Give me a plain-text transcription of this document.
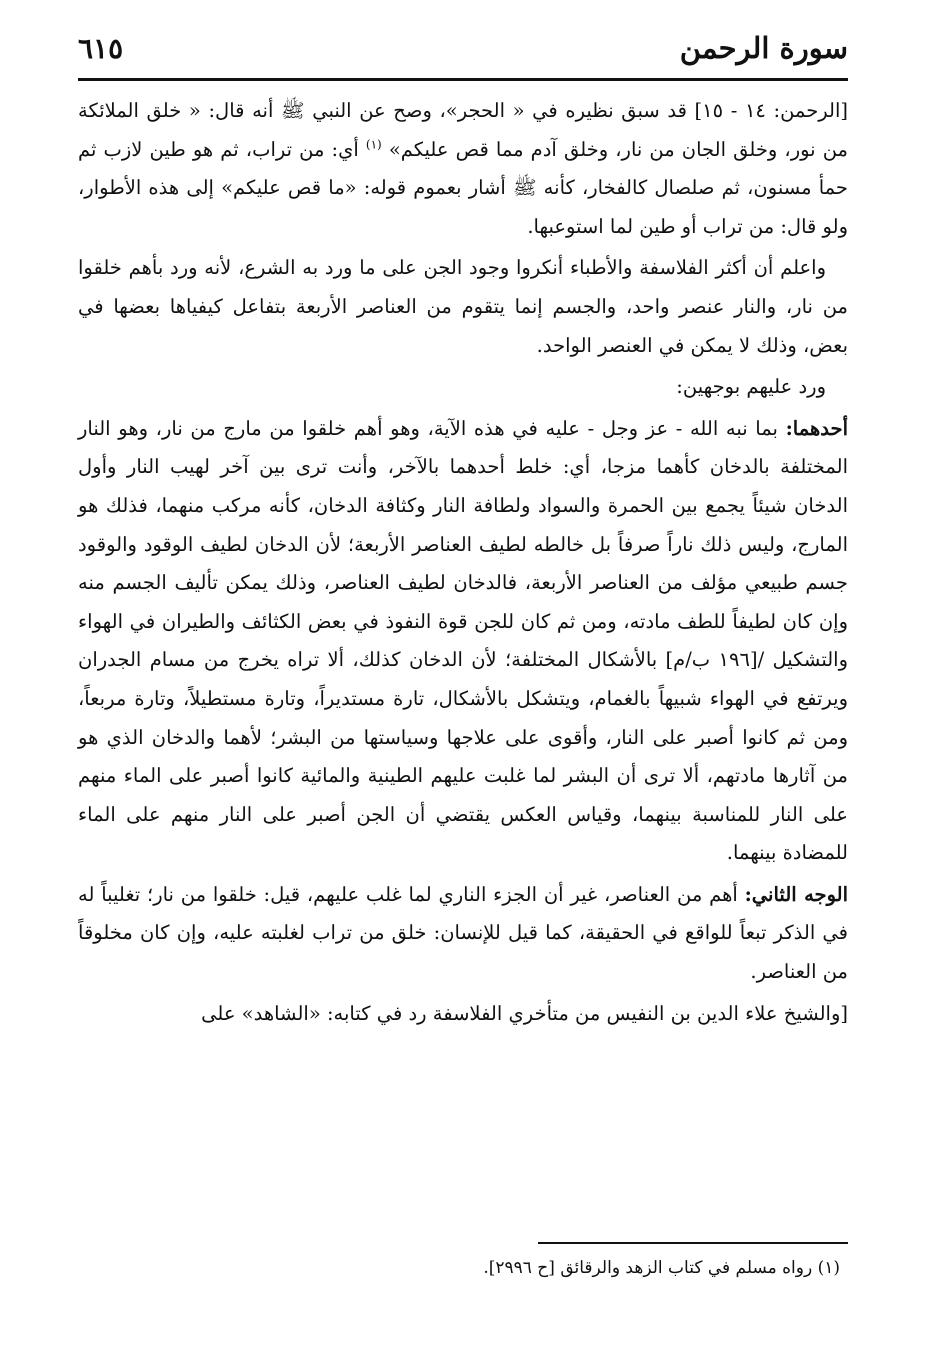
سورة الرحمن
٦١٥

[الرحمن: ١٤ - ١٥] قد سبق نظيره في « الحجر»، وصح عن النبي ﷺ أنه قال: « خلق الملائكة من نور، وخلق الجان من نار، وخلق آدم مما قص عليكم» $^{(١)}$ أي: من تراب، ثم هو طين لازب ثم حمأ مسنون، ثم صلصال كالفخار، كأنه ﷺ أشار بعموم قوله: «ما قص عليكم» إلى هذه الأطوار، ولو قال: من تراب أو طين لما استوعبها.

واعلم أن أكثر الفلاسفة والأطباء أنكروا وجود الجن على ما ورد به الشرع، لأنه ورد بأهم خلقوا من نار، والنار عنصر واحد، والجسم إنما يتقوم من العناصر الأربعة بتفاعل كيفياها بعضها في بعض، وذلك لا يمكن في العنصر الواحد.

ورد عليهم بوجهين:

أحدهما: بما نبه الله - عز وجل - عليه في هذه الآية، وهو أهم خلقوا من مارج من نار، وهو النار المختلفة بالدخان كأهما مزجا، أي: خلط أحدهما بالآخر، وأنت ترى بين آخر لهيب النار وأول الدخان شيئاً يجمع بين الحمرة والسواد ولطافة النار وكثافة الدخان، كأنه مركب منهما، فذلك هو المارج، وليس ذلك ناراً صرفاً بل خالطه لطيف العناصر الأربعة؛ لأن الدخان لطيف الوقود والوقود جسم طبيعي مؤلف من العناصر الأربعة، فالدخان لطيف العناصر، وذلك يمكن تأليف الجسم منه وإن كان لطيفاً للطف مادته، ومن ثم كان للجن قوة النفوذ في بعض الكثائف والطيران في الهواء والتشكيل /[١٩٦ ب/م] بالأشكال المختلفة؛ لأن الدخان كذلك، ألا تراه يخرج من مسام الجدران ويرتفع في الهواء شبيهاً بالغمام، ويتشكل بالأشكال، تارة مستديراً، وتارة مستطيلاً، وتارة مربعاً، ومن ثم كانوا أصبر على النار، وأقوى على علاجها وسياستها من البشر؛ لأهما والدخان الذي هو من آثارها مادتهم، ألا ترى أن البشر لما غلبت عليهم الطينية والمائية كانوا أصبر على الماء منهم على النار للمناسبة بينهما، وقياس العكس يقتضي أن الجن أصبر على النار منهم على الماء للمضادة بينهما.

الوجه الثاني: أهم من العناصر، غير أن الجزء الناري لما غلب عليهم، قيل: خلقوا من نار؛ تغليباً له في الذكر تبعاً للواقع في الحقيقة، كما قيل للإنسان: خلق من تراب لغلبته عليه، وإن كان مخلوقاً من العناصر.

[والشيخ علاء الدين بن النفيس من متأخري الفلاسفة رد في كتابه: «الشاهد» على

(١) رواه مسلم في كتاب الزهد والرقائق [ح ٢٩٩٦].
